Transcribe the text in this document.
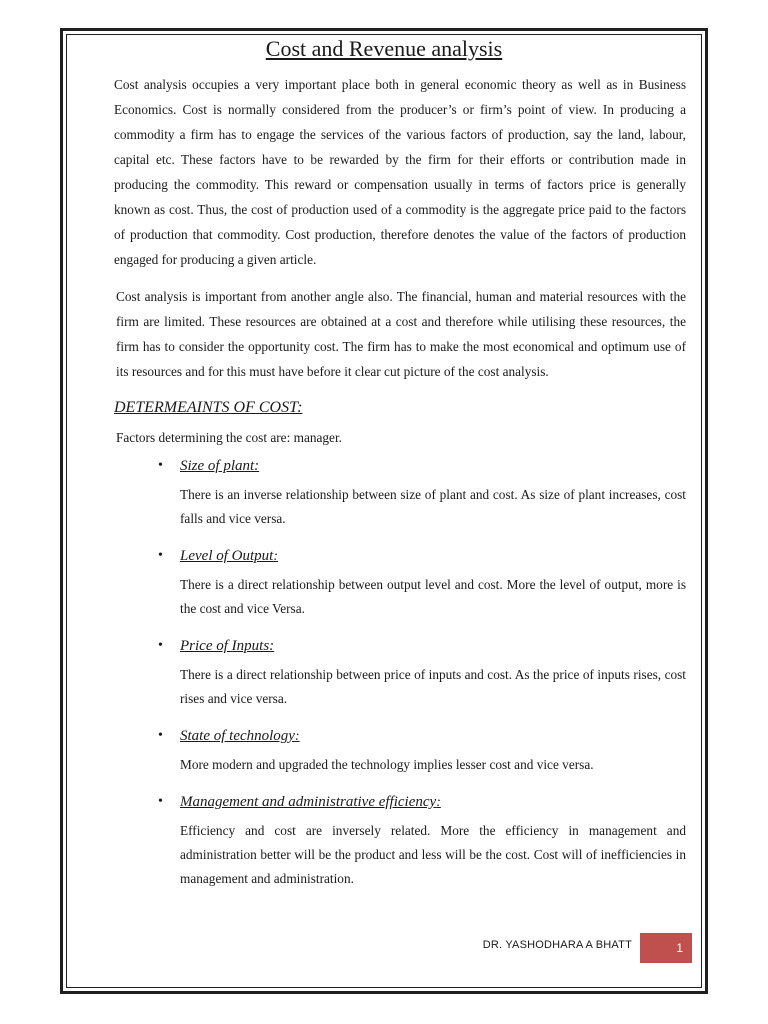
Cost and Revenue analysis

Cost analysis occupies a very important place both in general economic theory as well as in Business Economics. Cost is normally considered from the producer’s or firm’s point of view. In producing a commodity a firm has to engage the services of the various factors of production, say the land, labour, capital etc. These factors have to be rewarded by the firm for their efforts or contribution made in producing the commodity. This reward or compensation usually in terms of factors price is generally known as cost. Thus, the cost of production used of a commodity is the aggregate price paid to the factors of production that commodity. Cost production, therefore denotes the value of the factors of production engaged for producing a given article.

Cost analysis is important from another angle also. The financial, human and material resources with the firm are limited. These resources are obtained at a cost and therefore while utilising these resources, the firm has to consider the opportunity cost. The firm has to make the most economical and optimum use of its resources and for this must have before it clear cut picture of the cost analysis.

DETERMEAINTS OF COST:

Factors determining the cost are: manager.

• Size of plant:

There is an inverse relationship between size of plant and cost. As size of plant increases, cost falls and vice versa.

• Level of Output:

There is a direct relationship between output level and cost. More the level of output, more is the cost and vice Versa.

• Price of Inputs:

There is a direct relationship between price of inputs and cost. As the price of inputs rises, cost rises and vice versa.

• State of technology:

More modern and upgraded the technology implies lesser cost and vice versa.

• Management and administrative efficiency:

Efficiency and cost are inversely related. More the efficiency in management and administration better will be the product and less will be the cost. Cost will of inefficiencies in management and administration.

DR. YASHODHARA A BHATT	1
